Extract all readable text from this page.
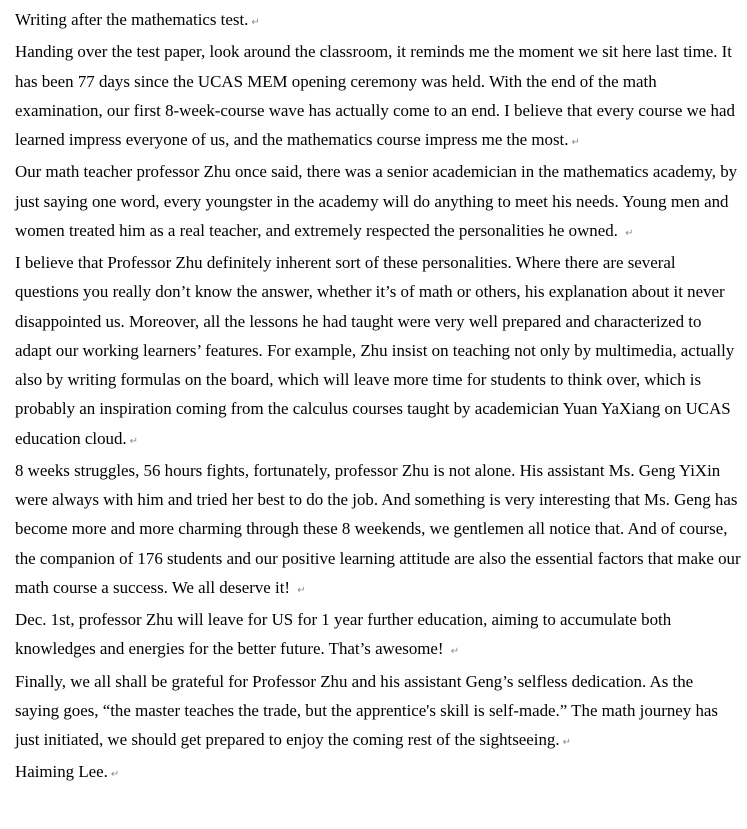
Writing after the mathematics test. ↵

Handing over the test paper, look around the classroom, it reminds me the moment we sit here last time. It has been 77 days since the UCAS MEM opening ceremony was held. With the end of the math examination, our first 8-week-course wave has actually come to an end. I believe that every course we had learned impress everyone of us, and the mathematics course impress me the most. ↵

Our math teacher professor Zhu once said, there was a senior academician in the mathematics academy, by just saying one word, every youngster in the academy will do anything to meet his needs. Young men and women treated him as a real teacher, and extremely respected the personalities he owned. ↵

I believe that Professor Zhu definitely inherent sort of these personalities. Where there are several questions you really don’t know the answer, whether it’s of math or others, his explanation about it never disappointed us. Moreover, all the lessons he had taught were very well prepared and characterized to adapt our working learners’ features. For example, Zhu insist on teaching not only by multimedia, actually also by writing formulas on the board, which will leave more time for students to think over, which is probably an inspiration coming from the calculus courses taught by academician Yuan YaXiang on UCAS education cloud. ↵

8 weeks struggles, 56 hours fights, fortunately, professor Zhu is not alone. His assistant Ms. Geng YiXin were always with him and tried her best to do the job. And something is very interesting that Ms. Geng has become more and more charming through these 8 weekends, we gentlemen all notice that. And of course, the companion of 176 students and our positive learning attitude are also the essential factors that make our math course a success. We all deserve it! ↵

Dec. 1st, professor Zhu will leave for US for 1 year further education, aiming to accumulate both knowledges and energies for the better future. That’s awesome! ↵

Finally, we all shall be grateful for Professor Zhu and his assistant Geng’s selfless dedication. As the saying goes, “the master teaches the trade, but the apprentice's skill is self-made.” The math journey has just initiated, we should get prepared to enjoy the coming rest of the sightseeing. ↵

Haiming Lee. ↵
